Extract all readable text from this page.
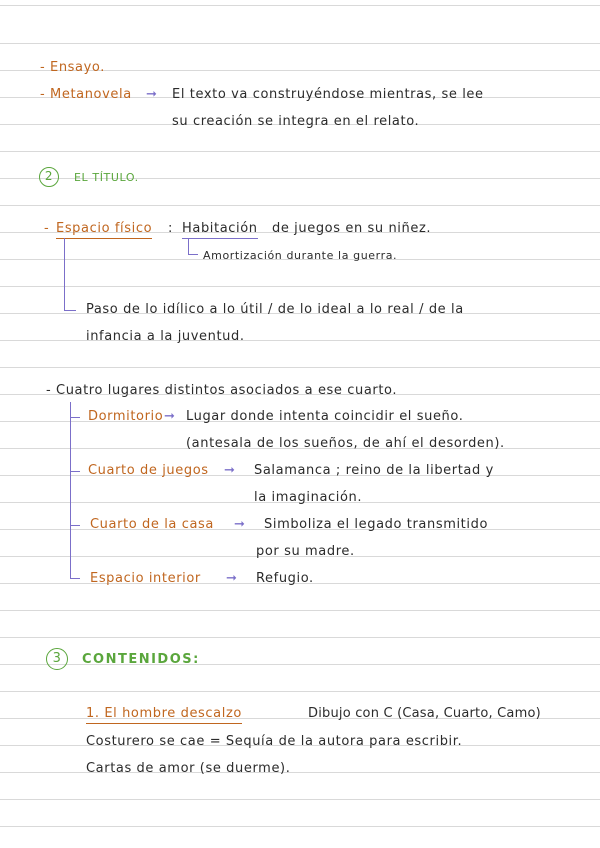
- Ensayo.
- Metanovela ➞ El texto va construyéndose mientras, se lee
su creación se integra en el relato.
2	EL TÍTULO.
- Espacio físico : Habitación de juegos en su niñez.
Amortización durante la guerra.
Paso de lo idílico a lo útil / de lo ideal a lo real / de la
infancia a la juventud.
- Cuatro lugares distintos asociados a ese cuarto.
Dormitorio ➞ Lugar donde intenta coincidir el sueño.
(antesala de los sueños, de ahí el desorden).
Cuarto de juegos ➞ Salamanca ; reino de la libertad y
la imaginación.
Cuarto de la casa ➞ Simboliza el legado transmitido
por su madre.
Espacio interior ➞ Refugio.
3	CONTENIDOS:
1. El hombre descalzo	Dibujo con C (Casa, Cuarto, Camo)
Costurero se cae = Sequía de la autora para escribir.
Cartas de amor (se duerme).
